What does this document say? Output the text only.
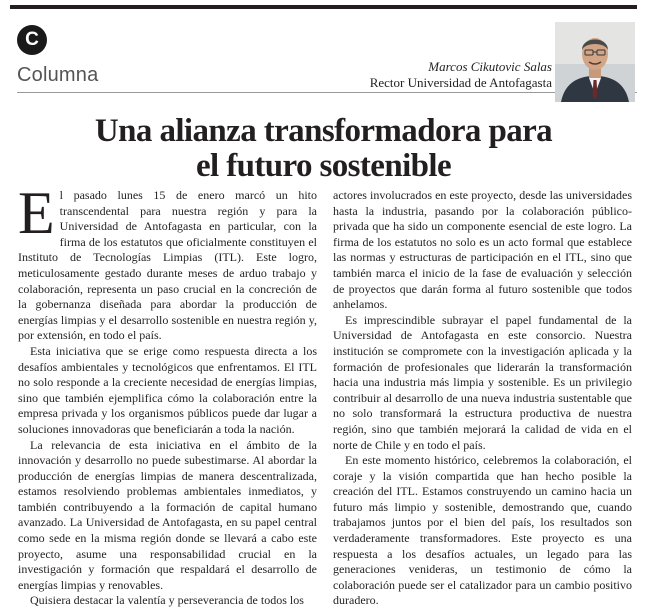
C
Columna	Marcos Cikutovic Salas
Rector Universidad de Antofagasta
Una alianza transformadora para
el futuro sostenible

El pasado lunes 15 de enero marcó un hito transcendental para nuestra región y para la Universidad de Antofagasta en particular, con la firma de los estatutos que oficialmente constituyen el Instituto de Tecnologías Limpias (ITL). Este logro, meticulosamente gestado durante meses de arduo trabajo y colaboración, representa un paso crucial en la concreción de la gobernanza diseñada para abordar la producción de energías limpias y el desarrollo sostenible en nuestra región y, por extensión, en todo el país.

Esta iniciativa que se erige como respuesta directa a los desafíos ambientales y tecnológicos que enfrentamos. El ITL no solo responde a la creciente necesidad de energías limpias, sino que también ejemplifica cómo la colaboración entre la empresa privada y los organismos públicos puede dar lugar a soluciones innovadoras que beneficiarán a toda la nación.

La relevancia de esta iniciativa en el ámbito de la innovación y desarrollo no puede subestimarse. Al abordar la producción de energías limpias de manera descentralizada, estamos resolviendo problemas ambientales inmediatos, y también contribuyendo a la formación de capital humano avanzado. La Universidad de Antofagasta, en su papel central como sede en la misma región donde se llevará a cabo este proyecto, asume una responsabilidad crucial en la investigación y formación que respaldará el desarrollo de energías limpias y renovables.

Quisiera destacar la valentía y perseverancia de todos los

actores involucrados en este proyecto, desde las universidades hasta la industria, pasando por la colaboración público-privada que ha sido un componente esencial de este logro. La firma de los estatutos no solo es un acto formal que establece las normas y estructuras de participación en el ITL, sino que también marca el inicio de la fase de evaluación y selección de proyectos que darán forma al futuro sostenible que todos anhelamos.

Es imprescindible subrayar el papel fundamental de la Universidad de Antofagasta en este consorcio. Nuestra institución se compromete con la investigación aplicada y la formación de profesionales que liderarán la transformación hacia una industria más limpia y sostenible. Es un privilegio contribuir al desarrollo de una nueva industria sustentable que no solo transformará la estructura productiva de nuestra región, sino que también mejorará la calidad de vida en el norte de Chile y en todo el país.

En este momento histórico, celebremos la colaboración, el coraje y la visión compartida que han hecho posible la creación del ITL. Estamos construyendo un camino hacia un futuro más limpio y sostenible, demostrando que, cuando trabajamos juntos por el bien del país, los resultados son verdaderamente transformadores. Este proyecto es una respuesta a los desafíos actuales, un legado para las generaciones venideras, un testimonio de cómo la colaboración puede ser el catalizador para un cambio positivo duradero.
